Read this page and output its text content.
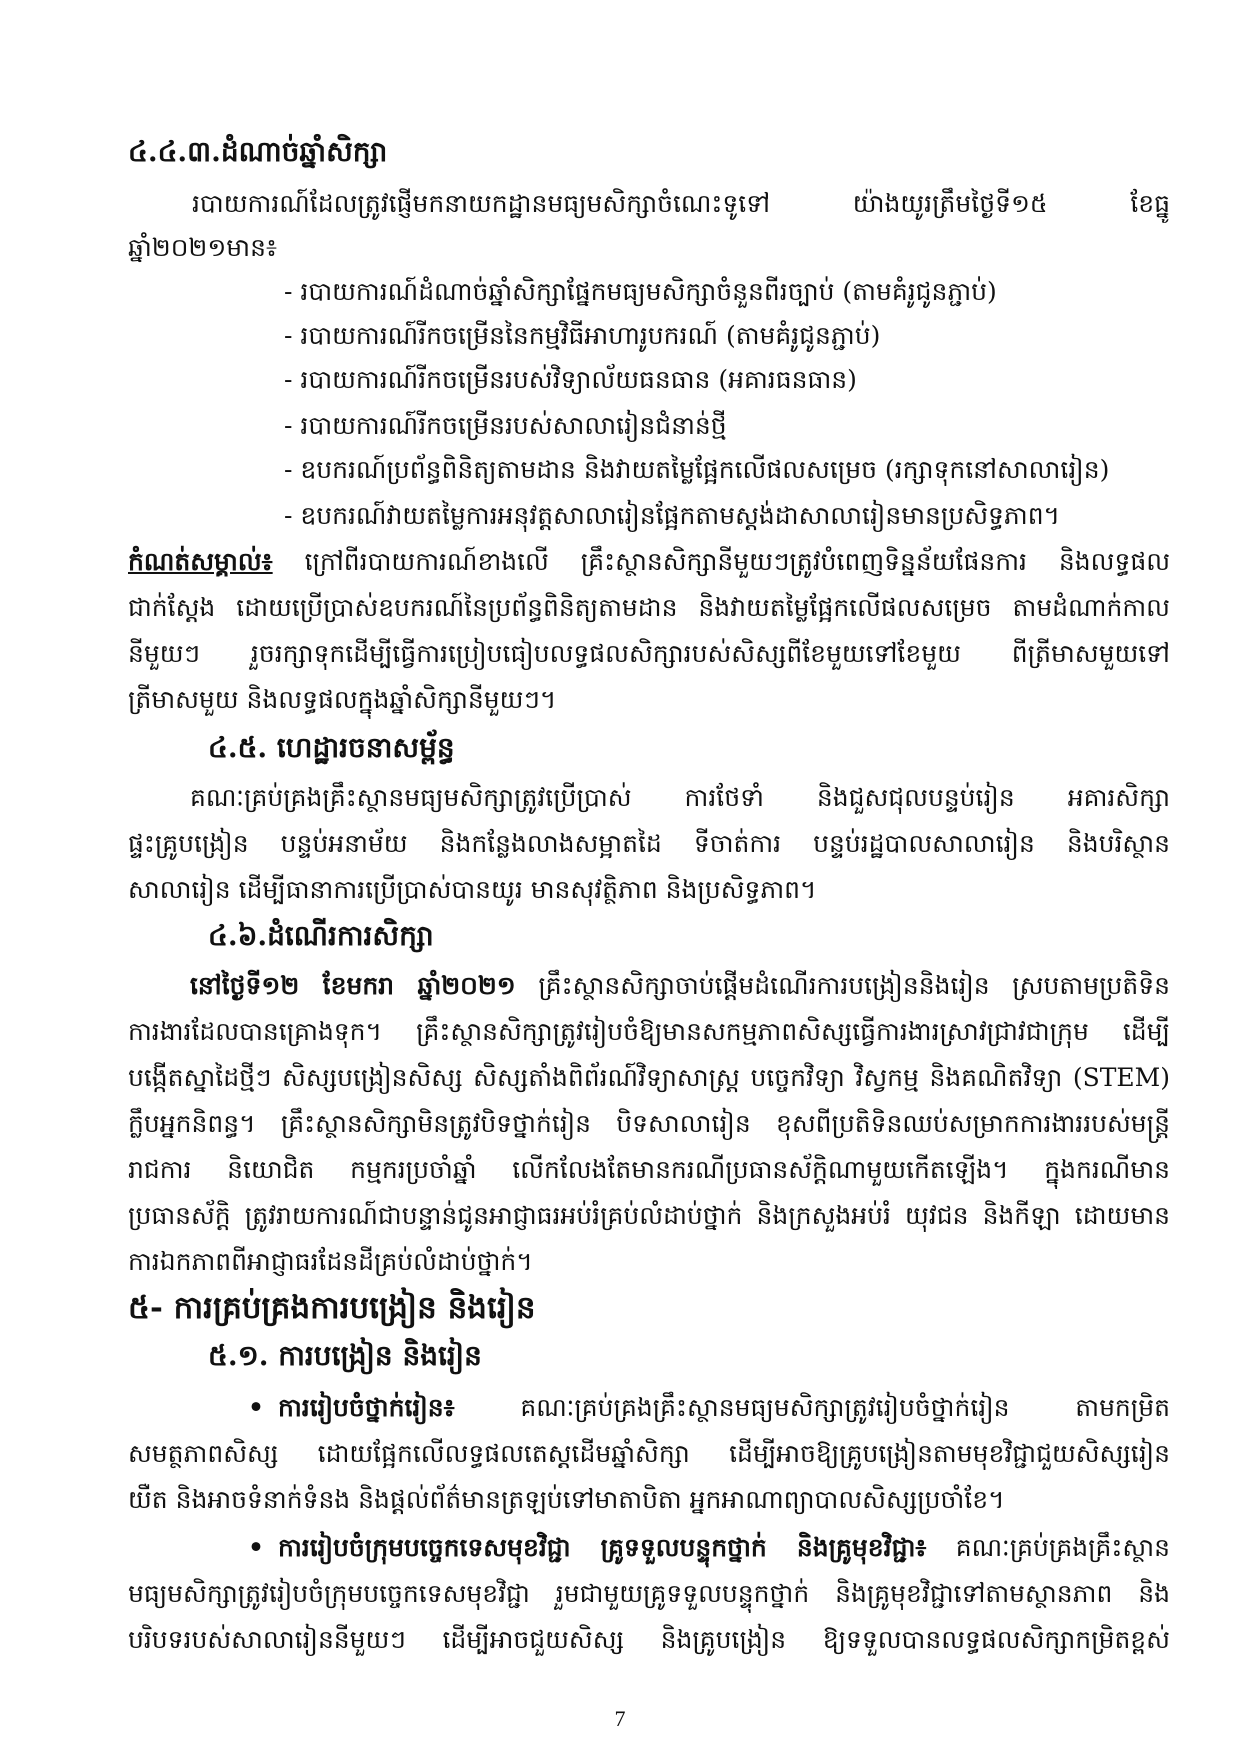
៤.៤.៣.ដំណាច់ឆ្នាំសិក្សា
របាយការណ៍ដែលត្រូវផ្ញើមកនាយកដ្ឋានមធ្យមសិក្សាចំណេះទូទៅ យ៉ាងយូរត្រឹមថ្ងៃទី១៥ ខែធ្នូ
ឆ្នាំ២០២១មាន៖
- របាយការណ៍ដំណាច់ឆ្នាំសិក្សាផ្នែកមធ្យមសិក្សាចំនួនពីរច្បាប់ (តាមគំរូជូនភ្ជាប់)
- របាយការណ៍រីកចម្រើននៃកម្មវិធីអាហារូបករណ៍ (តាមគំរូជូនភ្ជាប់)
- របាយការណ៍រីកចម្រើនរបស់វិទ្យាល័យធនធាន (អគារធនធាន)
- របាយការណ៍រីកចម្រើនរបស់សាលារៀនជំនាន់ថ្មី
- ឧបករណ៍ប្រព័ន្ធពិនិត្យតាមដាន និងវាយតម្លៃផ្អែកលើផលសម្រេច (រក្សាទុកនៅសាលារៀន)
- ឧបករណ៍វាយតម្លៃការអនុវត្តសាលារៀនផ្អែកតាមស្តង់ដាសាលារៀនមានប្រសិទ្ធភាព។
កំណត់សម្គាល់៖ ក្រៅពីរបាយការណ៍ខាងលើ គ្រឹះស្ថានសិក្សានីមួយៗត្រូវបំពេញទិន្នន័យផែនការ និងលទ្ធផល
ជាក់ស្តែង ដោយប្រើប្រាស់ឧបករណ៍នៃប្រព័ន្ធពិនិត្យតាមដាន និងវាយតម្លៃផ្អែកលើផលសម្រេច តាមដំណាក់កាល
នីមួយៗ រួចរក្សាទុកដើម្បីធ្វើការប្រៀបធៀបលទ្ធផលសិក្សារបស់សិស្សពីខែមួយទៅខែមួយ ពីត្រីមាសមួយទៅ
ត្រីមាសមួយ និងលទ្ធផលក្នុងឆ្នាំសិក្សានីមួយៗ។
៤.៥. ហេដ្ឋារចនាសម្ព័ន្ធ
គណៈគ្រប់គ្រងគ្រឹះស្ថានមធ្យមសិក្សាត្រូវប្រើប្រាស់ ការថែទាំ និងជួសជុលបន្ទប់រៀន អគារសិក្សា
ផ្ទះគ្រូបង្រៀន បន្ទប់អនាម័យ និងកន្លែងលាងសម្អាតដៃ ទីចាត់ការ បន្ទប់រដ្ឋបាលសាលារៀន និងបរិស្ថាន
សាលារៀន ដើម្បីធានាការប្រើប្រាស់បានយូរ មានសុវត្ថិភាព និងប្រសិទ្ធភាព។
៤.៦.ដំណើរការសិក្សា
នៅថ្ងៃទី១២ ខែមករា ឆ្នាំ២០២១ គ្រឹះស្ថានសិក្សាចាប់ផ្តើមដំណើរការបង្រៀននិងរៀន ស្របតាមប្រតិទិន
ការងារដែលបានគ្រោងទុក។ គ្រឹះស្ថានសិក្សាត្រូវរៀបចំឱ្យមានសកម្មភាពសិស្សធ្វើការងារស្រាវជ្រាវជាក្រុម ដើម្បី
បង្កើតស្នាដៃថ្មីៗ សិស្សបង្រៀនសិស្ស សិស្សតាំងពិព័រណ៍វិទ្យាសាស្ត្រ បច្ចេកវិទ្យា វិស្វកម្ម និងគណិតវិទ្យា (STEM)
ក្លឹបអ្នកនិពន្ធ។ គ្រឹះស្ថានសិក្សាមិនត្រូវបិទថ្នាក់រៀន បិទសាលារៀន ខុសពីប្រតិទិនឈប់សម្រាកការងាររបស់មន្ត្រី
រាជការ និយោជិត កម្មករប្រចាំឆ្នាំ លើកលែងតែមានករណីប្រធានស័ក្តិណាមួយកើតឡើង។ ក្នុងករណីមាន
ប្រធានស័ក្តិ ត្រូវរាយការណ៍ជាបន្ទាន់ជូនអាជ្ញាធរអប់រំគ្រប់លំដាប់ថ្នាក់ និងក្រសួងអប់រំ យុវជន និងកីឡា ដោយមាន
ការឯកភាពពីអាជ្ញាធរដែនដីគ្រប់លំដាប់ថ្នាក់។
៥- ការគ្រប់គ្រងការបង្រៀន និងរៀន
៥.១. ការបង្រៀន និងរៀន
• ការរៀបចំថ្នាក់រៀន៖ គណៈគ្រប់គ្រងគ្រឹះស្ថានមធ្យមសិក្សាត្រូវរៀបចំថ្នាក់រៀន តាមកម្រិត
សមត្ថភាពសិស្ស ដោយផ្អែកលើលទ្ធផលតេស្តដើមឆ្នាំសិក្សា ដើម្បីអាចឱ្យគ្រូបង្រៀនតាមមុខវិជ្ជាជួយសិស្សរៀន
យឺត និងអាចទំនាក់ទំនង និងផ្តល់ព័ត៌មានត្រឡប់ទៅមាតាបិតា អ្នកអាណាព្យាបាលសិស្សប្រចាំខែ។
• ការរៀបចំក្រុមបច្ចេកទេសមុខវិជ្ជា គ្រូទទួលបន្ទុកថ្នាក់ និងគ្រូមុខវិជ្ជា៖ គណៈគ្រប់គ្រងគ្រឹះស្ថាន
មធ្យមសិក្សាត្រូវរៀបចំក្រុមបច្ចេកទេសមុខវិជ្ជា រួមជាមួយគ្រូទទួលបន្ទុកថ្នាក់ និងគ្រូមុខវិជ្ជាទៅតាមស្ថានភាព និង
បរិបទរបស់សាលារៀននីមួយៗ ដើម្បីអាចជួយសិស្ស និងគ្រូបង្រៀន ឱ្យទទួលបានលទ្ធផលសិក្សាកម្រិតខ្ពស់
7
